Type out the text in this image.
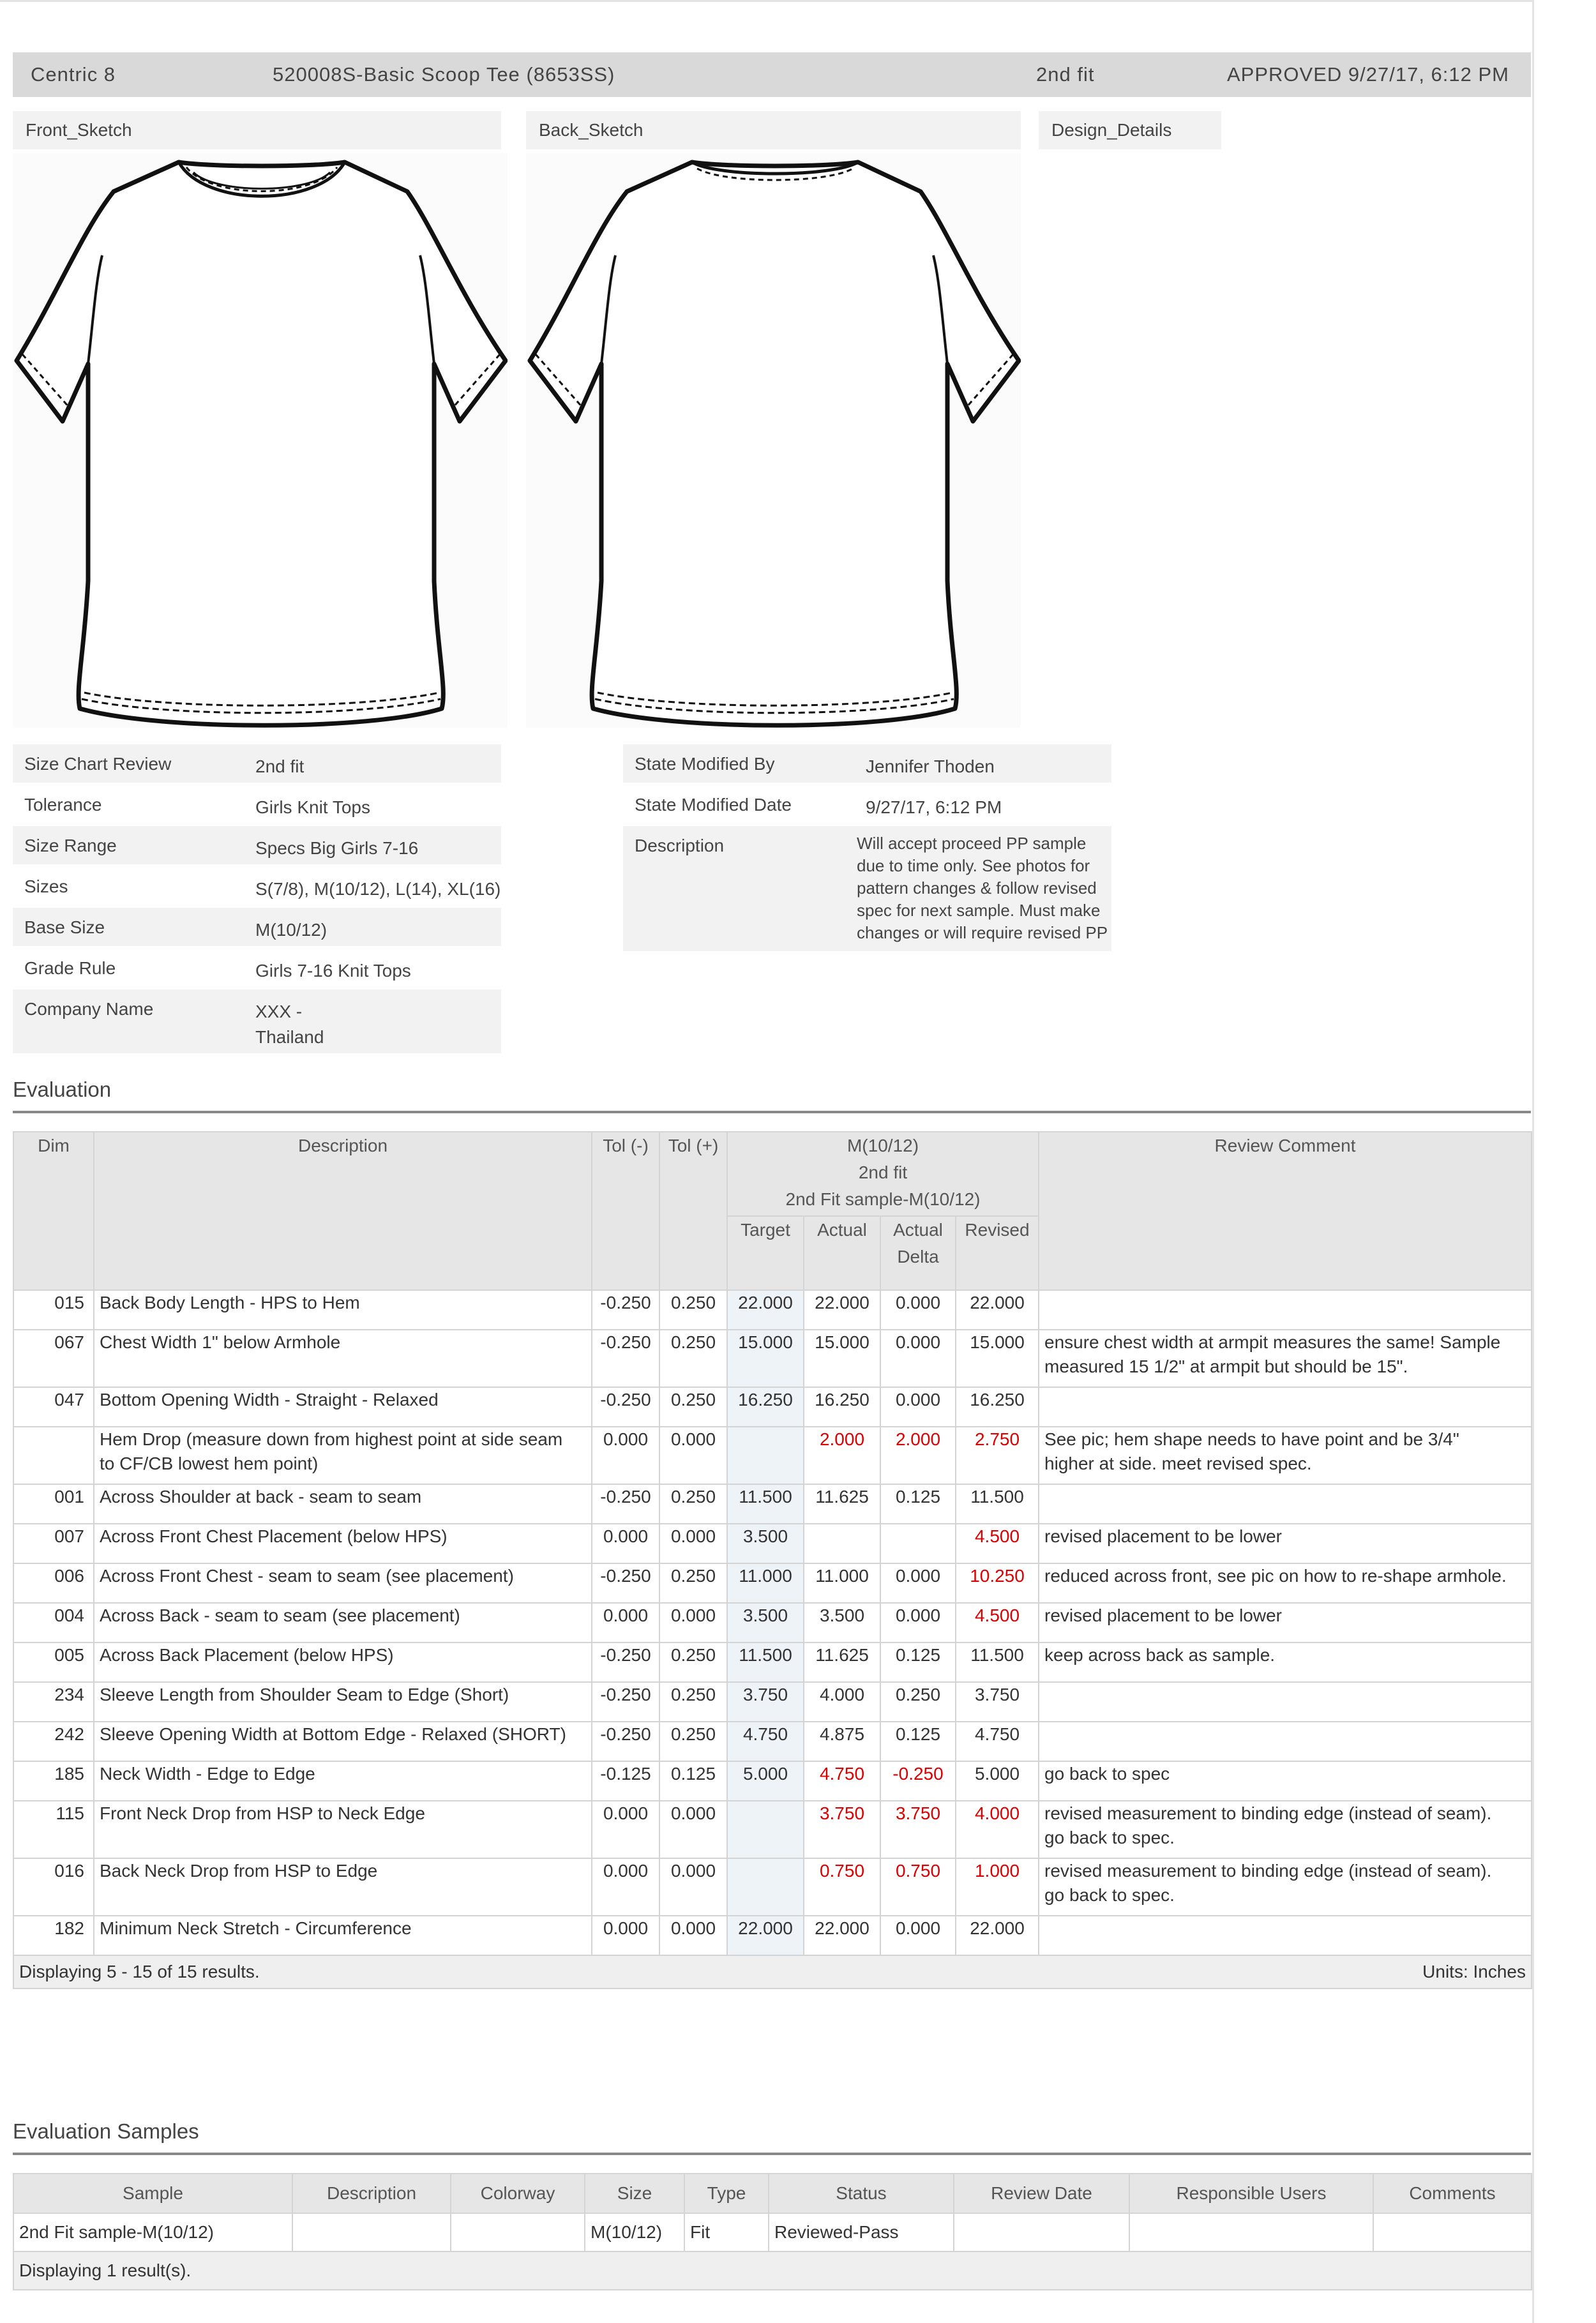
Centric 8	520008S-Basic Scoop Tee (8653SS)	2nd fit	APPROVED 9/27/17, 6:12 PM
Front_Sketch	Back_Sketch	Design_Details
Size Chart Review	2nd fit
Tolerance	Girls Knit Tops
Size Range	Specs Big Girls 7-16
Sizes	S(7/8), M(10/12), L(14), XL(16)
Base Size	M(10/12)
Grade Rule	Girls 7-16 Knit Tops
Company Name	XXX -
Thailand
State Modified By	Jennifer Thoden
State Modified Date	9/27/17, 6:12 PM
Description	Will accept proceed PP sample
due to time only. See photos for
pattern changes & follow revised
spec for next sample. Must make
changes or will require revised PP
Evaluation
Dim	Description	Tol (-)	Tol (+)	M(10/12)
2nd fit
2nd Fit sample-M(10/12)				Review Comment
				Target	Actual	Actual Delta	Revised	
015	Back Body Length - HPS to Hem	-0.250	0.250	22.000	22.000	0.000	22.000	
067	Chest Width 1" below Armhole	-0.250	0.250	15.000	15.000	0.000	15.000	ensure chest width at armpit measures the same! Sample
measured 15 1/2" at armpit but should be 15".
047	Bottom Opening Width - Straight - Relaxed	-0.250	0.250	16.250	16.250	0.000	16.250	
	Hem Drop (measure down from highest point at side seam
to CF/CB lowest hem point)	0.000	0.000		2.000	2.000	2.750	See pic; hem shape needs to have point and be 3/4"
higher at side. meet revised spec.
001	Across Shoulder at back - seam to seam	-0.250	0.250	11.500	11.625	0.125	11.500	
007	Across Front Chest Placement (below HPS)	0.000	0.000	3.500			4.500	revised placement to be lower
006	Across Front Chest - seam to seam (see placement)	-0.250	0.250	11.000	11.000	0.000	10.250	reduced across front, see pic on how to re-shape armhole.
004	Across Back - seam to seam (see placement)	0.000	0.000	3.500	3.500	0.000	4.500	revised placement to be lower
005	Across Back Placement (below HPS)	-0.250	0.250	11.500	11.625	0.125	11.500	keep across back as sample.
234	Sleeve Length from Shoulder Seam to Edge (Short)	-0.250	0.250	3.750	4.000	0.250	3.750	
242	Sleeve Opening Width at Bottom Edge - Relaxed (SHORT)	-0.250	0.250	4.750	4.875	0.125	4.750	
185	Neck Width - Edge to Edge	-0.125	0.125	5.000	4.750	-0.250	5.000	go back to spec
115	Front Neck Drop from HSP to Neck Edge	0.000	0.000		3.750	3.750	4.000	revised measurement to binding edge (instead of seam).
go back to spec.
016	Back Neck Drop from HSP to Edge	0.000	0.000		0.750	0.750	1.000	revised measurement to binding edge (instead of seam).
go back to spec.
182	Minimum Neck Stretch - Circumference	0.000	0.000	22.000	22.000	0.000	22.000	
Displaying 5 - 15 of 15 results.					Units: Inches			
Evaluation Samples
Sample	Description	Colorway	Size	Type	Status	Review Date	Responsible Users	Comments
2nd Fit sample-M(10/12)			M(10/12)	Fit	Reviewed-Pass			
Displaying 1 result(s).								
